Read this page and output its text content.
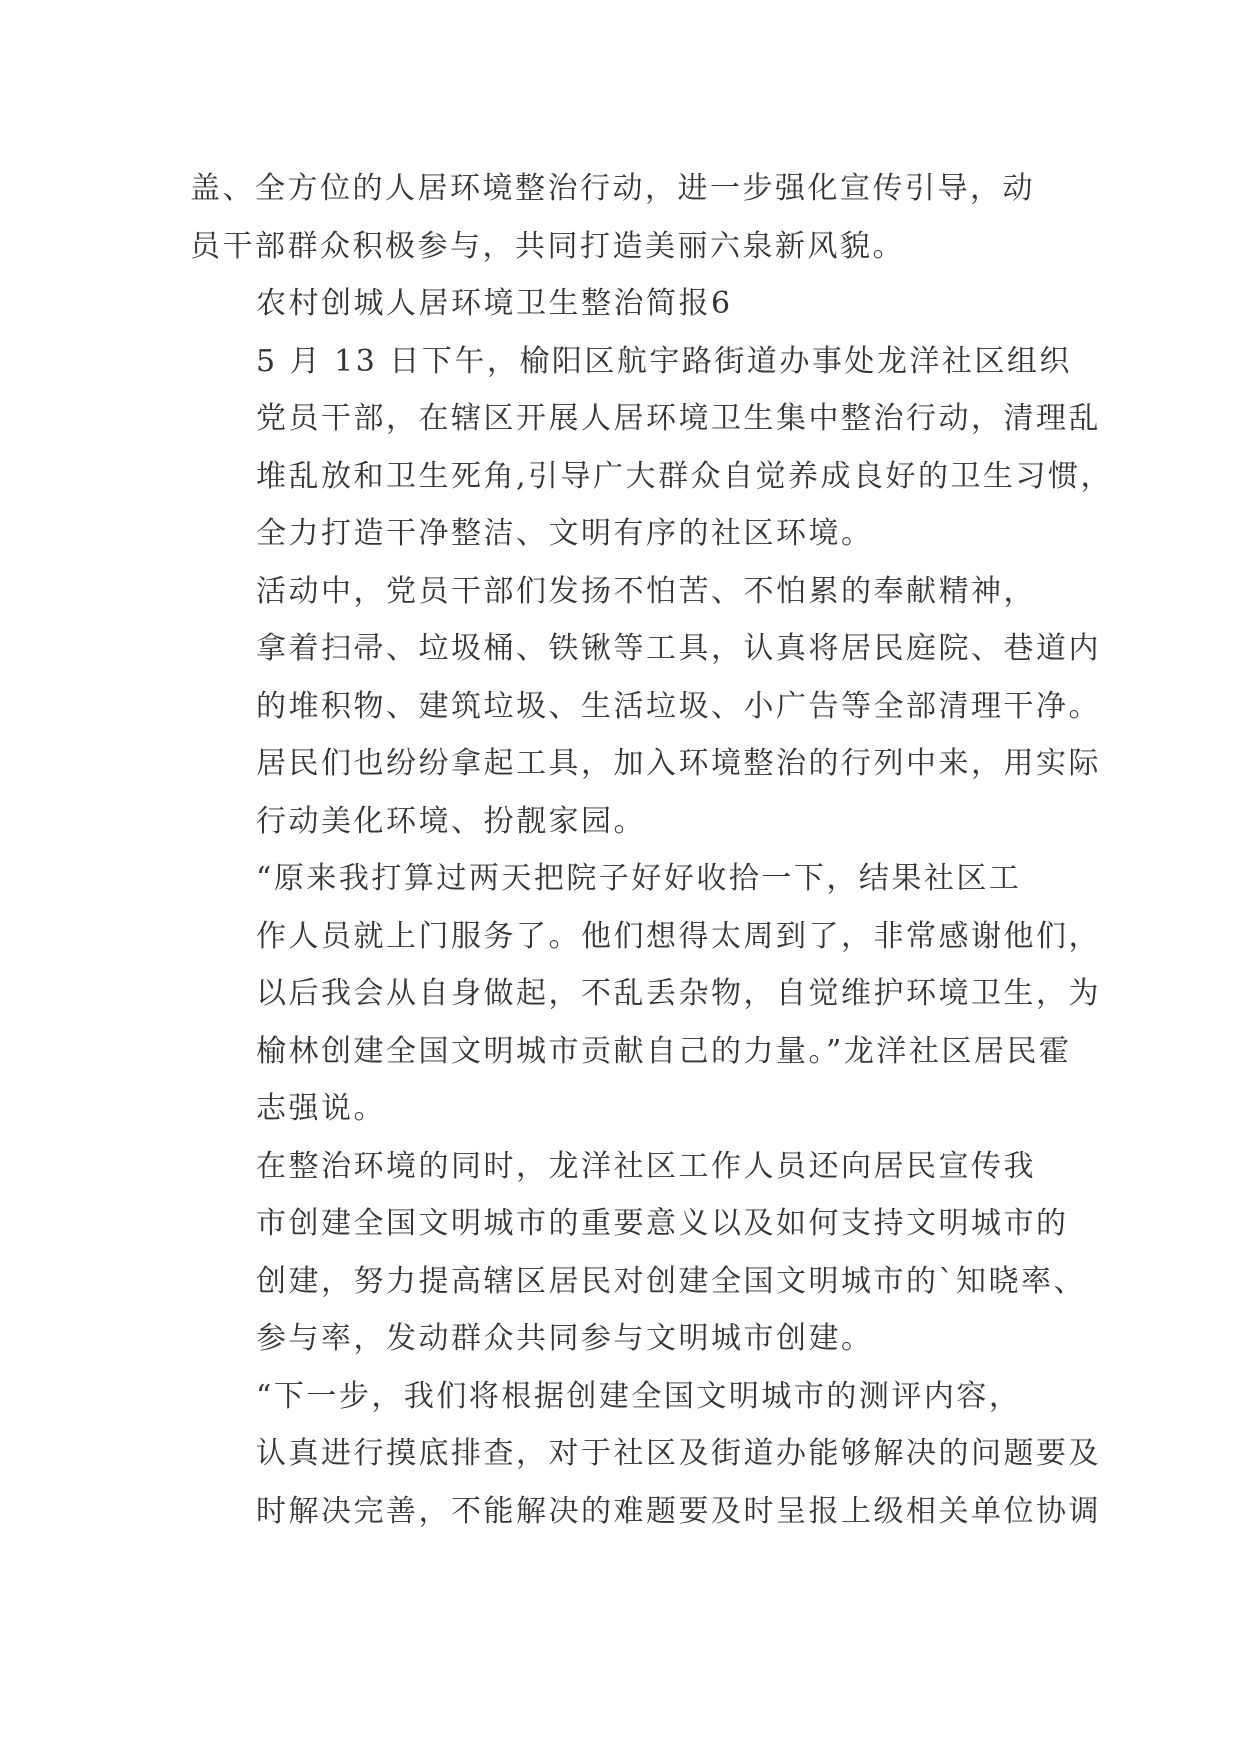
盖、全方位的人居环境整治行动，进一步强化宣传引导，动
员干部群众积极参与，共同打造美丽六泉新风貌。

农村创城人居环境卫生整治简报6

5 月 13 日下午，榆阳区航宇路街道办事处龙洋社区组织
党员干部，在辖区开展人居环境卫生集中整治行动，清理乱
堆乱放和卫生死角,引导广大群众自觉养成良好的卫生习惯，
全力打造干净整洁、文明有序的社区环境。

活动中，党员干部们发扬不怕苦、不怕累的奉献精神，
拿着扫帚、垃圾桶、铁锹等工具，认真将居民庭院、巷道内
的堆积物、建筑垃圾、生活垃圾、小广告等全部清理干净。
居民们也纷纷拿起工具，加入环境整治的行列中来，用实际
行动美化环境、扮靓家园。

“原来我打算过两天把院子好好收拾一下，结果社区工
作人员就上门服务了。他们想得太周到了，非常感谢他们，
以后我会从自身做起，不乱丢杂物，自觉维护环境卫生，为
榆林创建全国文明城市贡献自己的力量。”龙洋社区居民霍
志强说。

在整治环境的同时，龙洋社区工作人员还向居民宣传我
市创建全国文明城市的重要意义以及如何支持文明城市的
创建，努力提高辖区居民对创建全国文明城市的`知晓率、
参与率，发动群众共同参与文明城市创建。

“下一步，我们将根据创建全国文明城市的测评内容，
认真进行摸底排查，对于社区及街道办能够解决的问题要及
时解决完善，不能解决的难题要及时呈报上级相关单位协调
